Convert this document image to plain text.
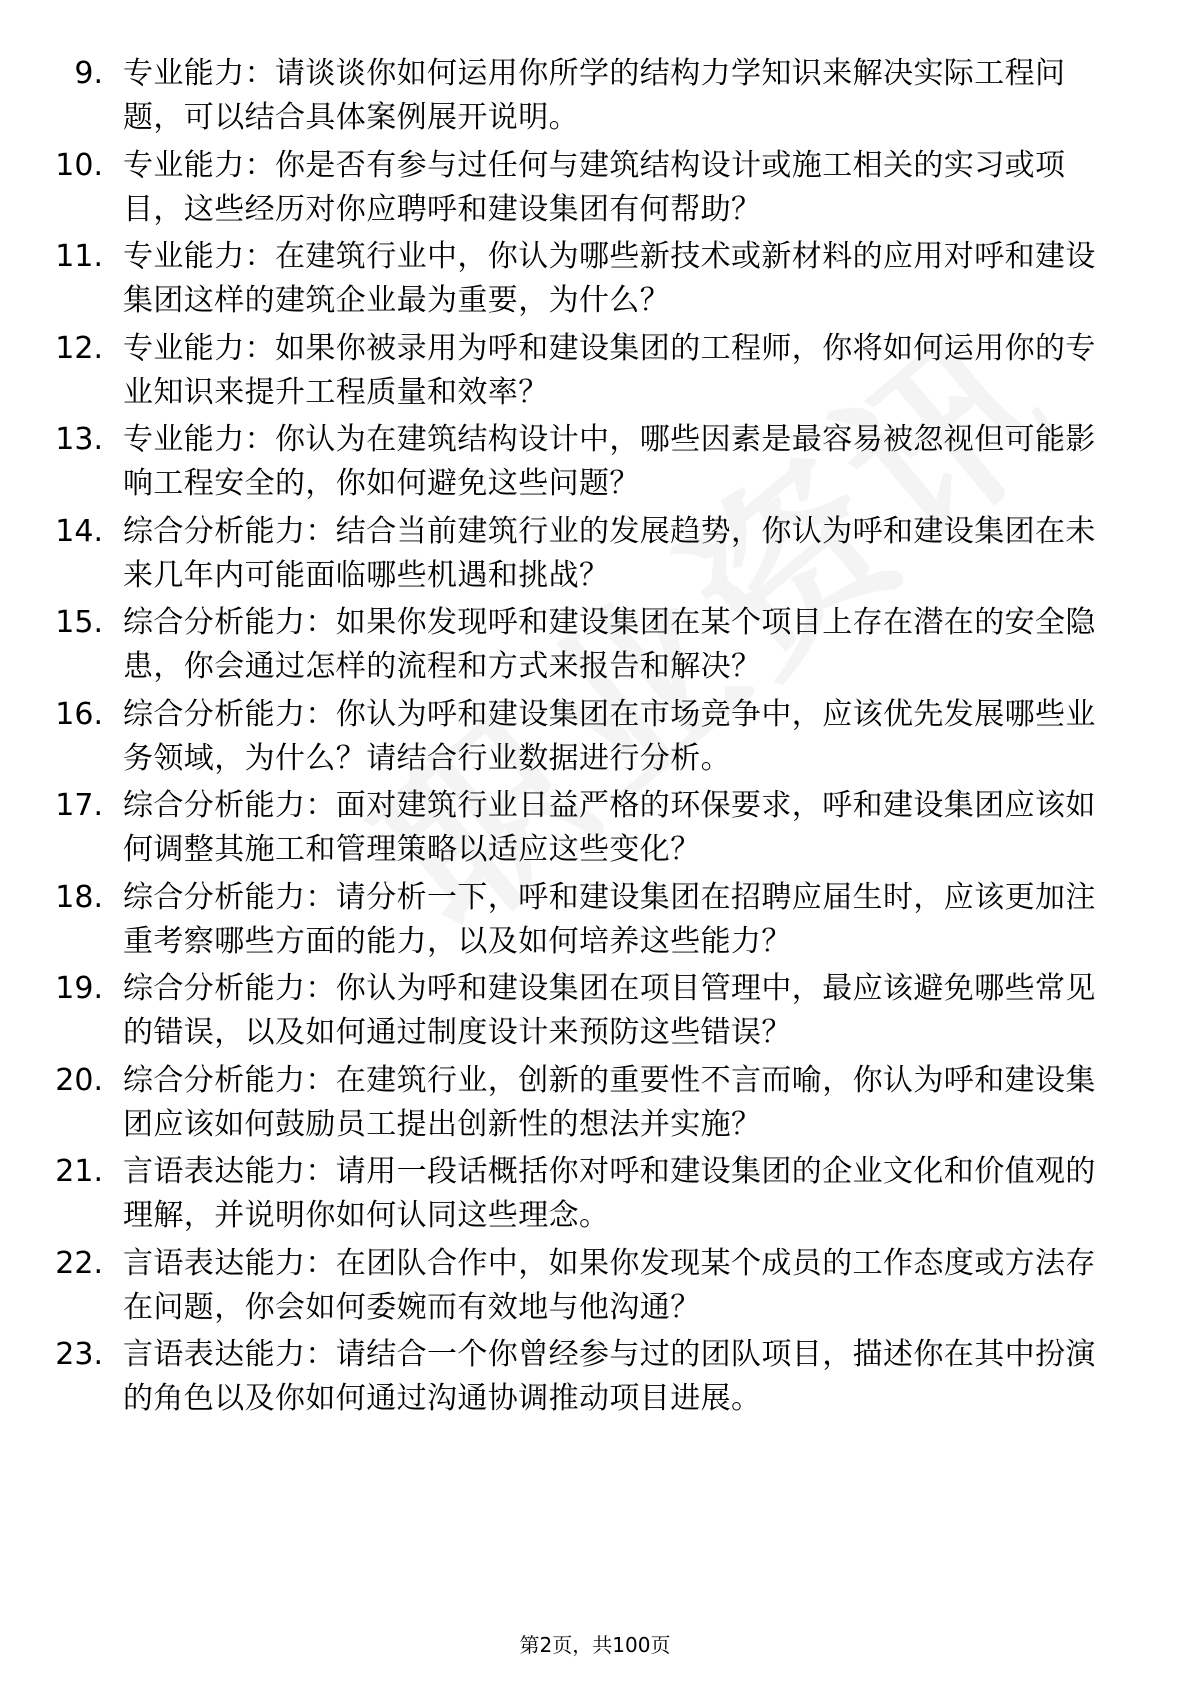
9. 专业能力：请谈谈你如何运用你所学的结构力学知识来解决实际工程问题，可以结合具体案例展开说明。
10. 专业能力：你是否有参与过任何与建筑结构设计或施工相关的实习或项目，这些经历对你应聘呼和建设集团有何帮助？
11. 专业能力：在建筑行业中，你认为哪些新技术或新材料的应用对呼和建设集团这样的建筑企业最为重要，为什么？
12. 专业能力：如果你被录用为呼和建设集团的工程师，你将如何运用你的专业知识来提升工程质量和效率？
13. 专业能力：你认为在建筑结构设计中，哪些因素是最容易被忽视但可能影响工程安全的，你如何避免这些问题？
14. 综合分析能力：结合当前建筑行业的发展趋势，你认为呼和建设集团在未来几年内可能面临哪些机遇和挑战？
15. 综合分析能力：如果你发现呼和建设集团在某个项目上存在潜在的安全隐患，你会通过怎样的流程和方式来报告和解决？
16. 综合分析能力：你认为呼和建设集团在市场竞争中，应该优先发展哪些业务领域，为什么？请结合行业数据进行分析。
17. 综合分析能力：面对建筑行业日益严格的环保要求，呼和建设集团应该如何调整其施工和管理策略以适应这些变化？
18. 综合分析能力：请分析一下，呼和建设集团在招聘应届生时，应该更加注重考察哪些方面的能力，以及如何培养这些能力？
19. 综合分析能力：你认为呼和建设集团在项目管理中，最应该避免哪些常见的错误，以及如何通过制度设计来预防这些错误？
20. 综合分析能力：在建筑行业，创新的重要性不言而喻，你认为呼和建设集团应该如何鼓励员工提出创新性的想法并实施？
21. 言语表达能力：请用一段话概括你对呼和建设集团的企业文化和价值观的理解，并说明你如何认同这些理念。
22. 言语表达能力：在团队合作中，如果你发现某个成员的工作态度或方法存在问题，你会如何委婉而有效地与他沟通？
23. 言语表达能力：请结合一个你曾经参与过的团队项目，描述你在其中扮演的角色以及你如何通过沟通协调推动项目进展。
第2页，共100页
